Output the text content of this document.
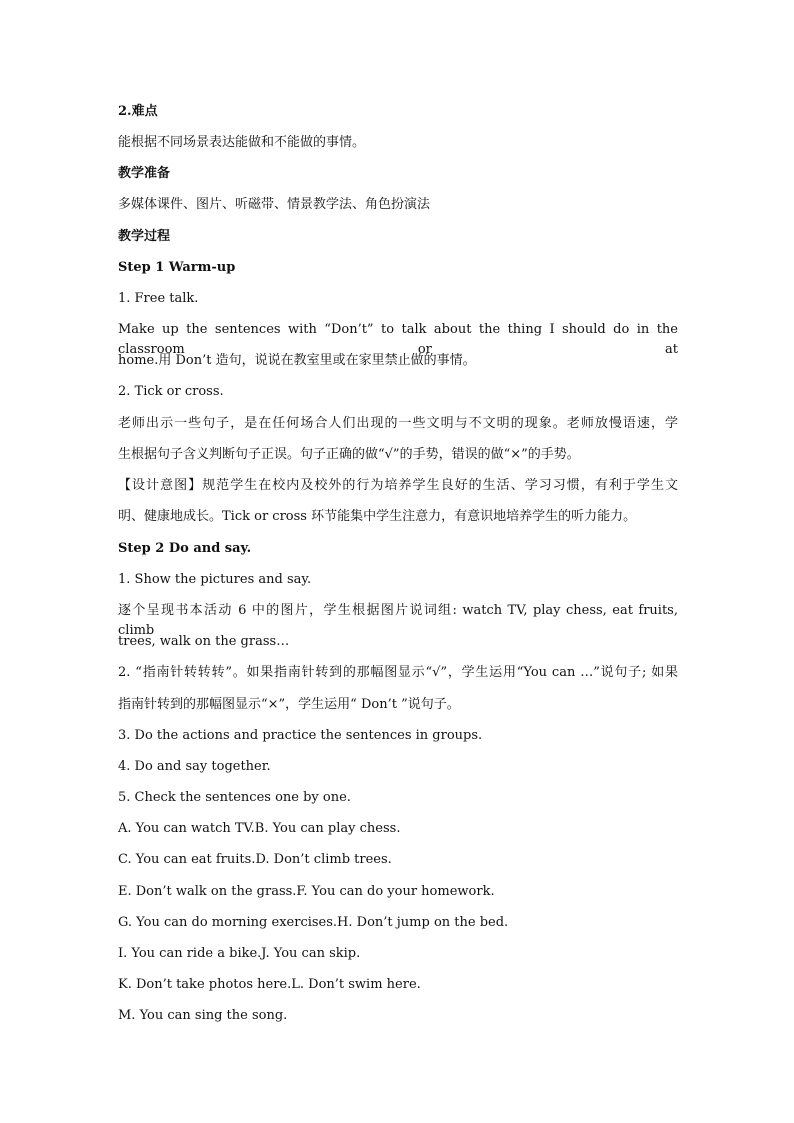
2.难点
能根据不同场景表达能做和不能做的事情。
教学准备
多媒体课件、图片、听磁带、情景教学法、角色扮演法
教学过程
Step 1 Warm-up
1. Free talk.
Make up the sentences with “Don’t” to talk about the thing I should do in the classroom or at
home.用 Don’t 造句，说说在教室里或在家里禁止做的事情。
2. Tick or cross.
老师出示一些句子，是在任何场合人们出现的一些文明与不文明的现象。老师放慢语速，学
生根据句子含义判断句子正误。句子正确的做“√”的手势，错误的做“×”的手势。
【设计意图】规范学生在校内及校外的行为培养学生良好的生活、学习习惯，有利于学生文
明、健康地成长。Tick or cross 环节能集中学生注意力，有意识地培养学生的听力能力。
Step 2 Do and say.
1. Show the pictures and say.
逐个呈现书本活动 6 中的图片，学生根据图片说词组: watch TV, play chess, eat fruits, climb
trees, walk on the grass…
2. “指南针转转转”。如果指南针转到的那幅图显示“√”，学生运用“You can …”说句子; 如果
指南针转到的那幅图显示“×”，学生运用“ Don’t ”说句子。
3. Do the actions and practice the sentences in groups.
4. Do and say together.
5. Check the sentences one by one.
A. You can watch TV.B. You can play chess.
C. You can eat fruits.D. Don’t climb trees.
E. Don’t walk on the grass.F. You can do your homework.
G. You can do morning exercises.H. Don’t jump on the bed.
I. You can ride a bike.J. You can skip.
K. Don’t take photos here.L. Don’t swim here.
M. You can sing the song.
